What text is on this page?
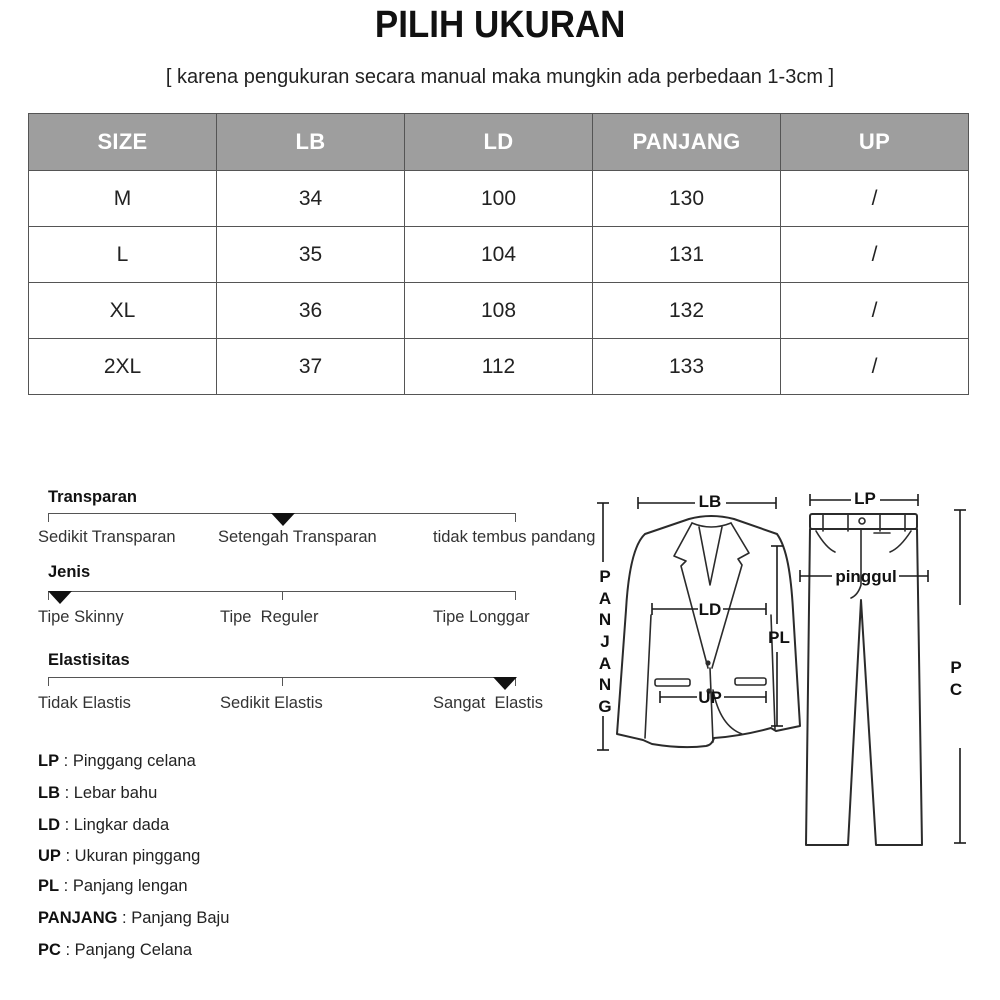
PILIH UKURAN
[ karena pengukuran secara manual maka mungkin ada perbedaan 1-3cm ]
SIZE	LB	LD	PANJANG	UP
M	34	100	130	/
L	35	104	131	/
XL	36	108	132	/
2XL	37	112	133	/
Transparan
Sedikit Transparan	Setengah Transparan	tidak tembus pandang
Jenis
Tipe Skinny	Tipe  Reguler	Tipe Longgar
Elastisitas
Tidak Elastis	Sedikit Elastis	Sangat  Elastis
LP : Pinggang celana
LB : Lebar bahu
LD : Lingkar dada
UP : Ukuran pinggang
PL : Panjang lengan
PANJANG : Panjang Baju
PC : Panjang Celana
LB	LP
LD
PL
UP
pinggul
PANJANG
PC
